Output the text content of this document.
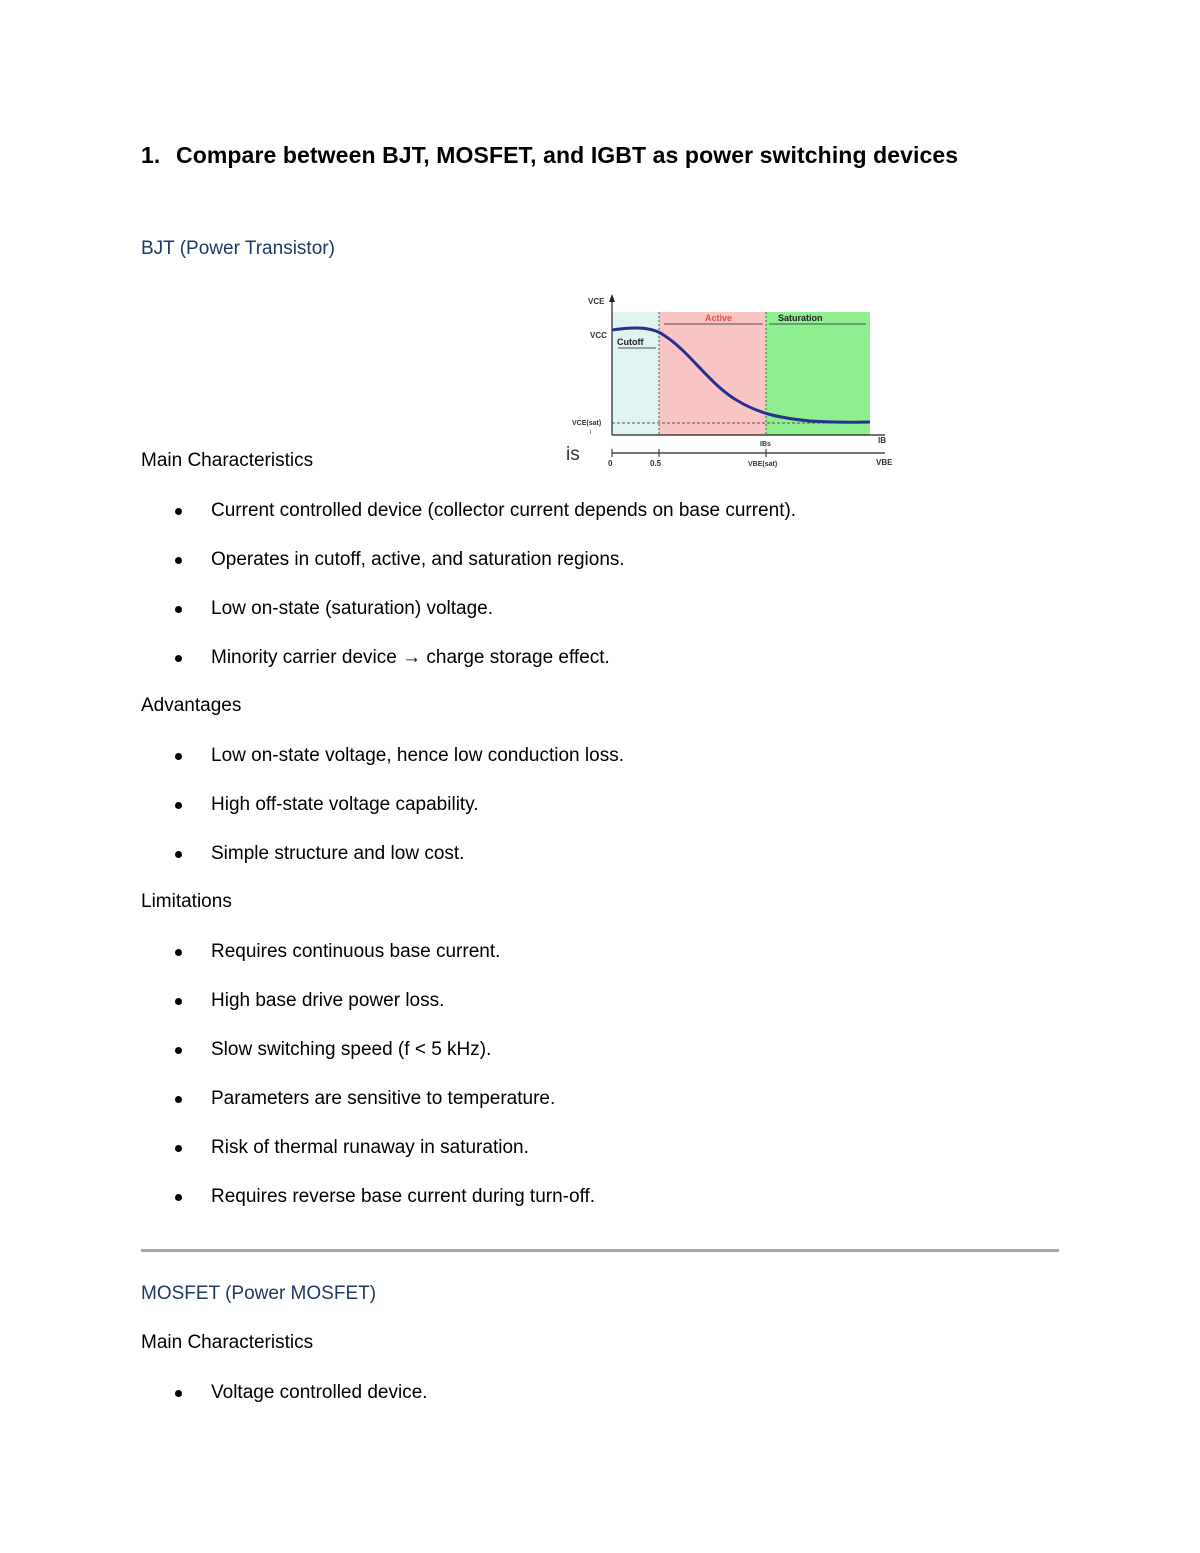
1. Compare between BJT, MOSFET, and IGBT as power switching devices
BJT (Power Transistor)
Cutoff
Active	Saturation
VCE
VCC
VCE(sat)
l
IBs	IB
VBE
0	0.5	VBE(sat)
is
Main Characteristics
Current controlled device (collector current depends on base current).
Operates in cutoff, active, and saturation regions.
Low on-state (saturation) voltage.
Minority carrier device → charge storage effect.
Advantages
Low on-state voltage, hence low conduction loss.
High off-state voltage capability.
Simple structure and low cost.
Limitations
Requires continuous base current.
High base drive power loss.
Slow switching speed (f < 5 kHz).
Parameters are sensitive to temperature.
Risk of thermal runaway in saturation.
Requires reverse base current during turn-off.
MOSFET (Power MOSFET)
Main Characteristics
Voltage controlled device.
